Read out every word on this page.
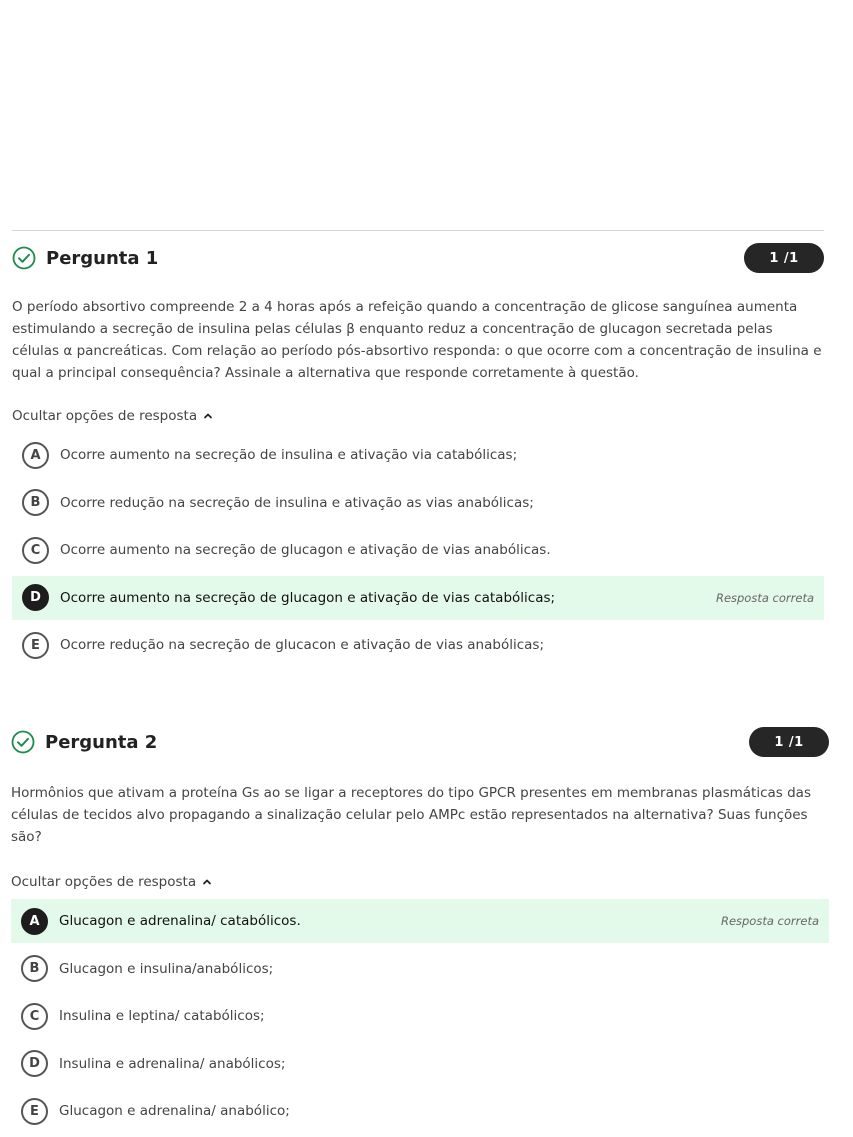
Pergunta 1	1 /1

O período absortivo compreende 2 a 4 horas após a refeição quando a concentração de glicose sanguínea aumenta estimulando a secreção de insulina pelas células β enquanto reduz a concentração de glucagon secretada pelas células α pancreáticas. Com relação ao período pós-absortivo responda: o que ocorre com a concentração de insulina e qual a principal consequência? Assinale a alternativa que responde corretamente à questão.

Ocultar opções de resposta
A	Ocorre aumento na secreção de insulina e ativação via catabólicas;
B	Ocorre redução na secreção de insulina e ativação as vias anabólicas;
C	Ocorre aumento na secreção de glucagon e ativação de vias anabólicas.
D	Ocorre aumento na secreção de glucagon e ativação de vias catabólicas;	Resposta correta
E	Ocorre redução na secreção de glucacon e ativação de vias anabólicas;
Pergunta 2	1 /1

Hormônios que ativam a proteína Gs ao se ligar a receptores do tipo GPCR presentes em membranas plasmáticas das células de tecidos alvo propagando a sinalização celular pelo AMPc estão representados na alternativa? Suas funções são?

Ocultar opções de resposta
A	Glucagon e adrenalina/ catabólicos.	Resposta correta
B	Glucagon e insulina/anabólicos;
C	Insulina e leptina/ catabólicos;
D	Insulina e adrenalina/ anabólicos;
E	Glucagon e adrenalina/ anabólico;
